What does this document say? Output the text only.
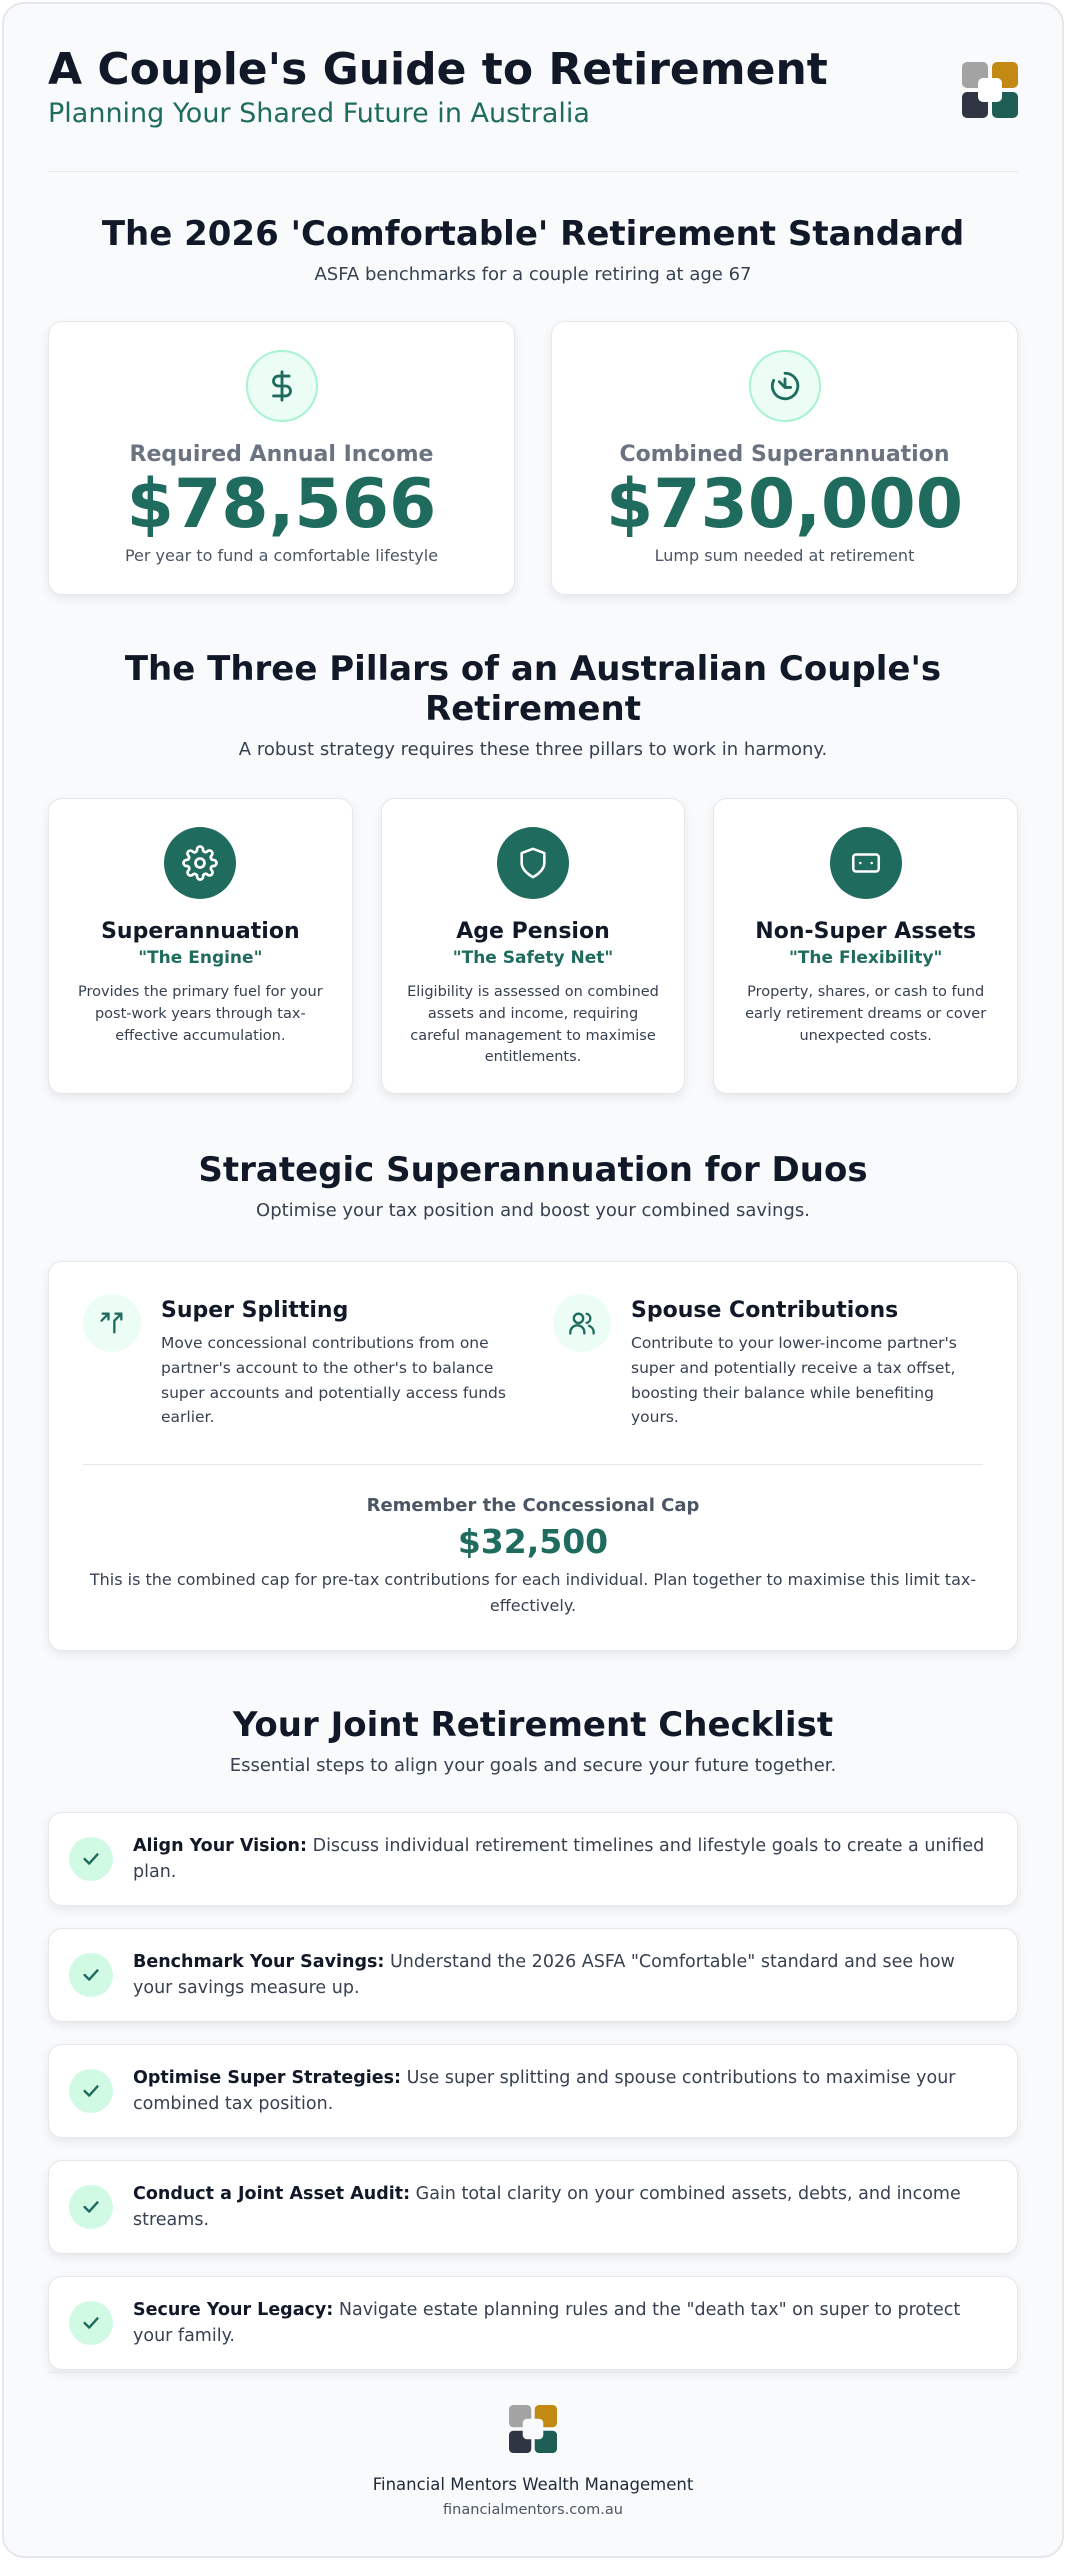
A Couple's Guide to Retirement
Planning Your Shared Future in Australia
The 2026 'Comfortable' Retirement Standard
ASFA benchmarks for a couple retiring at age 67
Required Annual Income
$78,566
Per year to fund a comfortable lifestyle
Combined Superannuation
$730,000
Lump sum needed at retirement
The Three Pillars of an Australian Couple's Retirement
A robust strategy requires these three pillars to work in harmony.
Superannuation
"The Engine"
Provides the primary fuel for your post-work years through tax-effective accumulation.
Age Pension
"The Safety Net"
Eligibility is assessed on combined assets and income, requiring careful management to maximise entitlements.
Non-Super Assets
"The Flexibility"
Property, shares, or cash to fund early retirement dreams or cover unexpected costs.
Strategic Superannuation for Duos
Optimise your tax position and boost your combined savings.
Super Splitting
Move concessional contributions from one partner's account to the other's to balance super accounts and potentially access funds earlier.
Spouse Contributions
Contribute to your lower-income partner's super and potentially receive a tax offset, boosting their balance while benefiting yours.
Remember the Concessional Cap
$32,500
This is the combined cap for pre-tax contributions for each individual. Plan together to maximise this limit tax-effectively.
Your Joint Retirement Checklist
Essential steps to align your goals and secure your future together.
Align Your Vision: Discuss individual retirement timelines and lifestyle goals to create a unified plan.
Benchmark Your Savings: Understand the 2026 ASFA "Comfortable" standard and see how your savings measure up.
Optimise Super Strategies: Use super splitting and spouse contributions to maximise your combined tax position.
Conduct a Joint Asset Audit: Gain total clarity on your combined assets, debts, and income streams.
Secure Your Legacy: Navigate estate planning rules and the "death tax" on super to protect your family.
Financial Mentors Wealth Management
financialmentors.com.au
